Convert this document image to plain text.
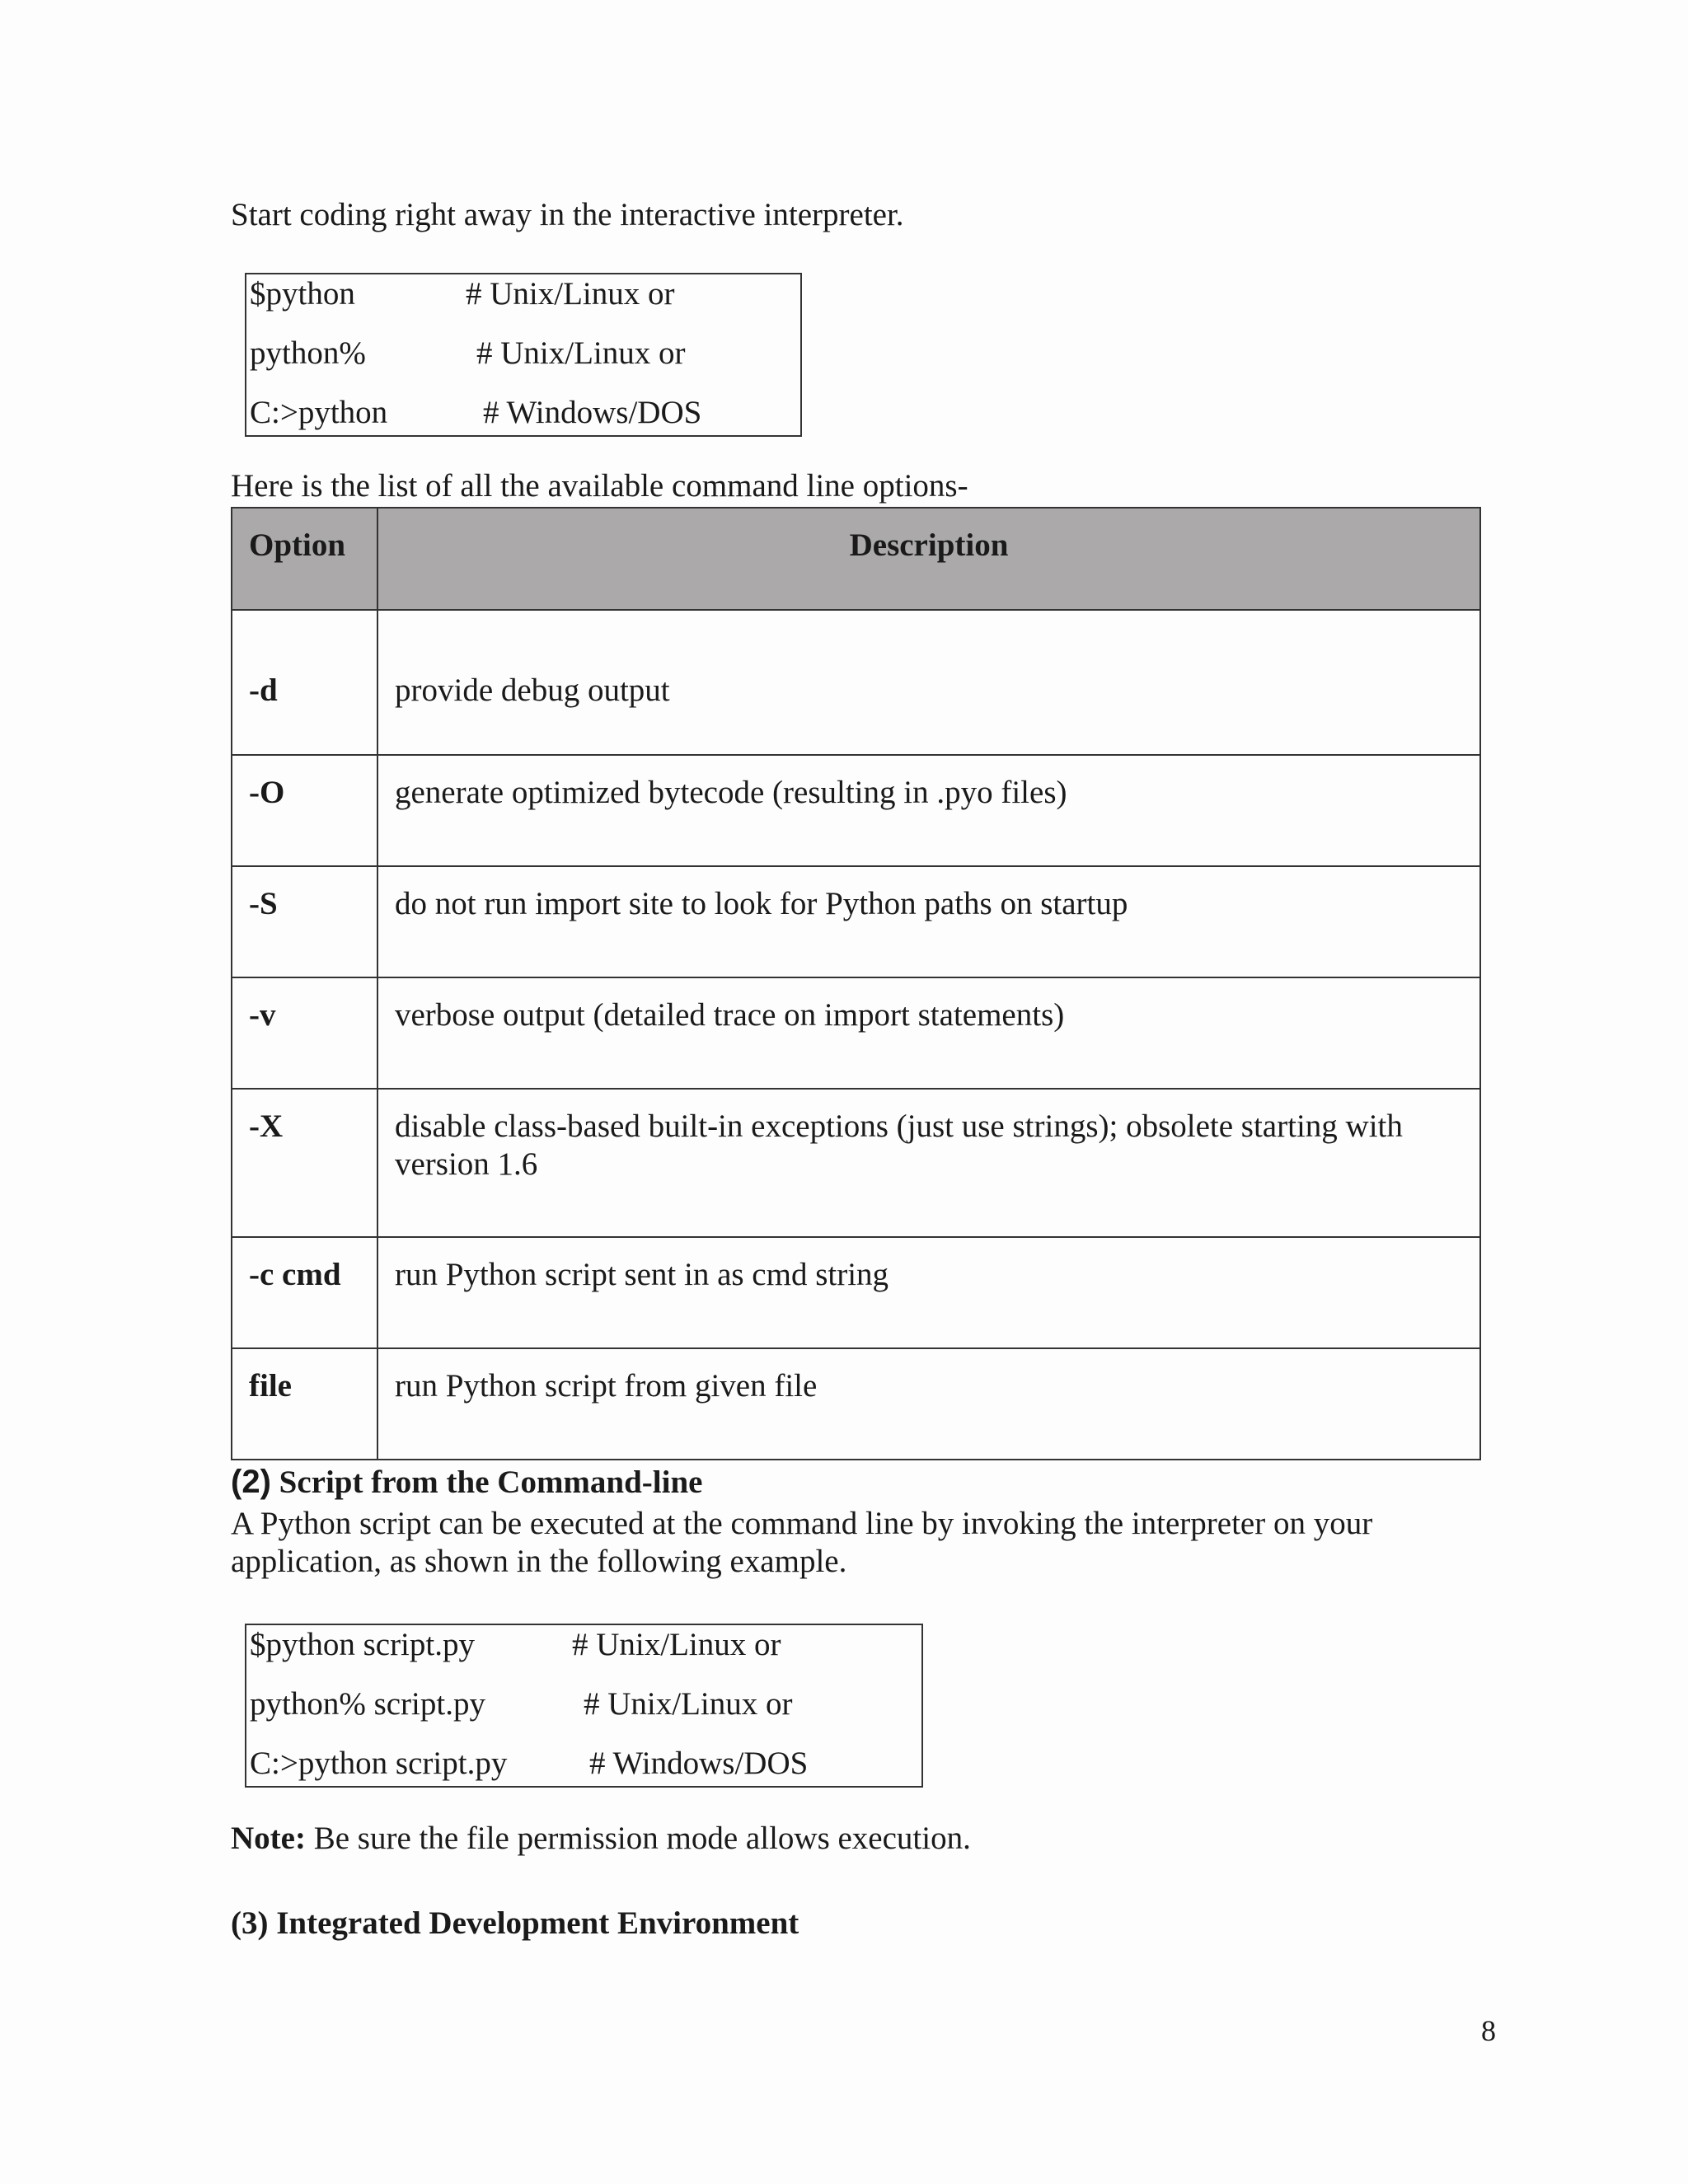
Start coding right away in the interactive interpreter.
$python	# Unix/Linux or
python%	# Unix/Linux or
C:>python	# Windows/DOS
Here is the list of all the available command line options-
Option	Description
-d	provide debug output
-O	generate optimized bytecode (resulting in .pyo files)
-S	do not run import site to look for Python paths on startup
-v	verbose output (detailed trace on import statements)
-X	disable class-based built-in exceptions (just use strings); obsolete starting with version 1.6
-c cmd	run Python script sent in as cmd string
file	run Python script from given file
(2) Script from the Command-line
A Python script can be executed at the command line by invoking the interpreter on your application, as shown in the following example.
$python script.py	# Unix/Linux or
python% script.py	# Unix/Linux or
C:>python script.py	# Windows/DOS
Note: Be sure the file permission mode allows execution.
(3) Integrated Development Environment
8
